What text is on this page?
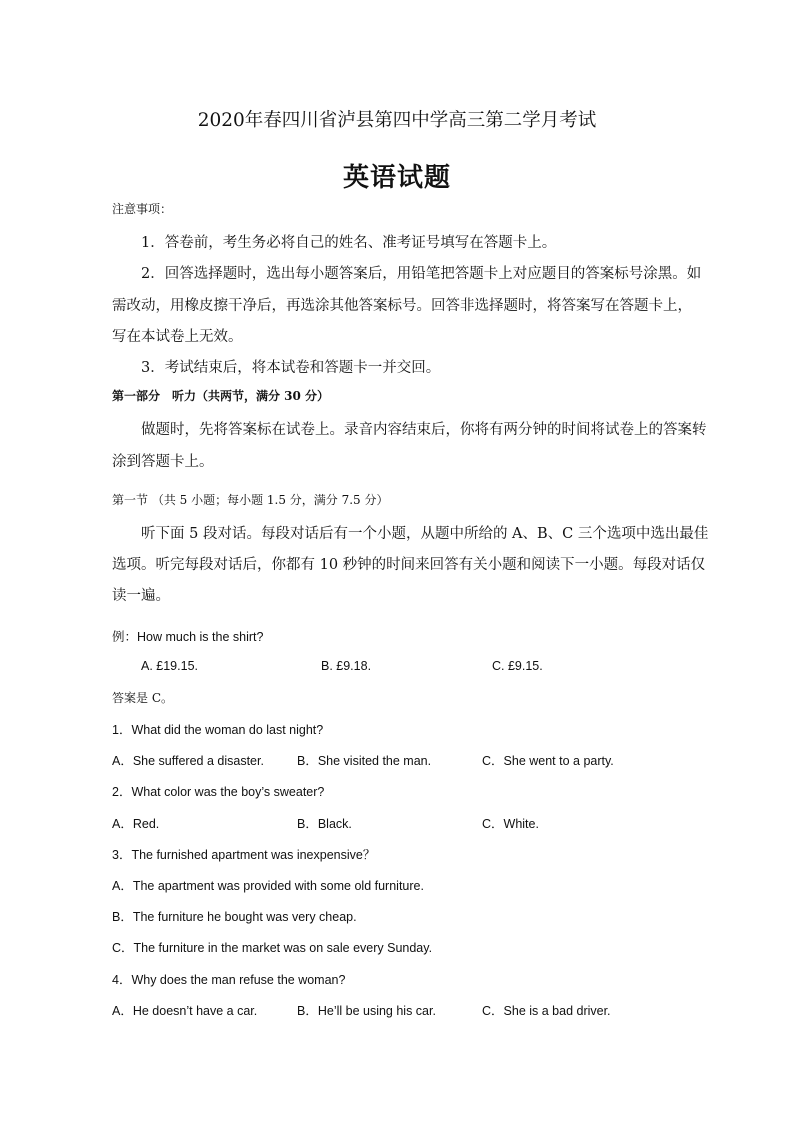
2020年春四川省泸县第四中学高三第二学月考试
英语试题
注意事项：
1．答卷前，考生务必将自己的姓名、准考证号填写在答题卡上。
2．回答选择题时，选出每小题答案后，用铅笔把答题卡上对应题目的答案标号涂黑。如
需改动，用橡皮擦干净后，再选涂其他答案标号。回答非选择题时，将答案写在答题卡上，
写在本试卷上无效。
3．考试结束后，将本试卷和答题卡一并交回。
第一部分　听力（共两节，满分 30 分）
做题时，先将答案标在试卷上。录音内容结束后，你将有两分钟的时间将试卷上的答案转
涂到答题卡上。
第一节 （共 5 小题；每小题 1.5 分，满分 7.5 分）
听下面 5 段对话。每段对话后有一个小题，从题中所给的 A、B、C 三个选项中选出最佳
选项。听完每段对话后，你都有 10 秒钟的时间来回答有关小题和阅读下一小题。每段对话仅
读一遍。
例：How much is the shirt?
A. £19.15.	B. £9.18.	C. £9.15.
答案是 C。
1．What did the woman do last night?
A．She suffered a disaster.	B．She visited the man.	C．She went to a party.
2．What color was the boy’s sweater?
A．Red.	B．Black.	C．White.
3．The furnished apartment was inexpensive？
A．The apartment was provided with some old furniture.
B．The furniture he bought was very cheap.
C．The furniture in the market was on sale every Sunday.
4．Why does the man refuse the woman?
A．He doesn’t have a car.	B．He’ll be using his car.	C．She is a bad driver.
